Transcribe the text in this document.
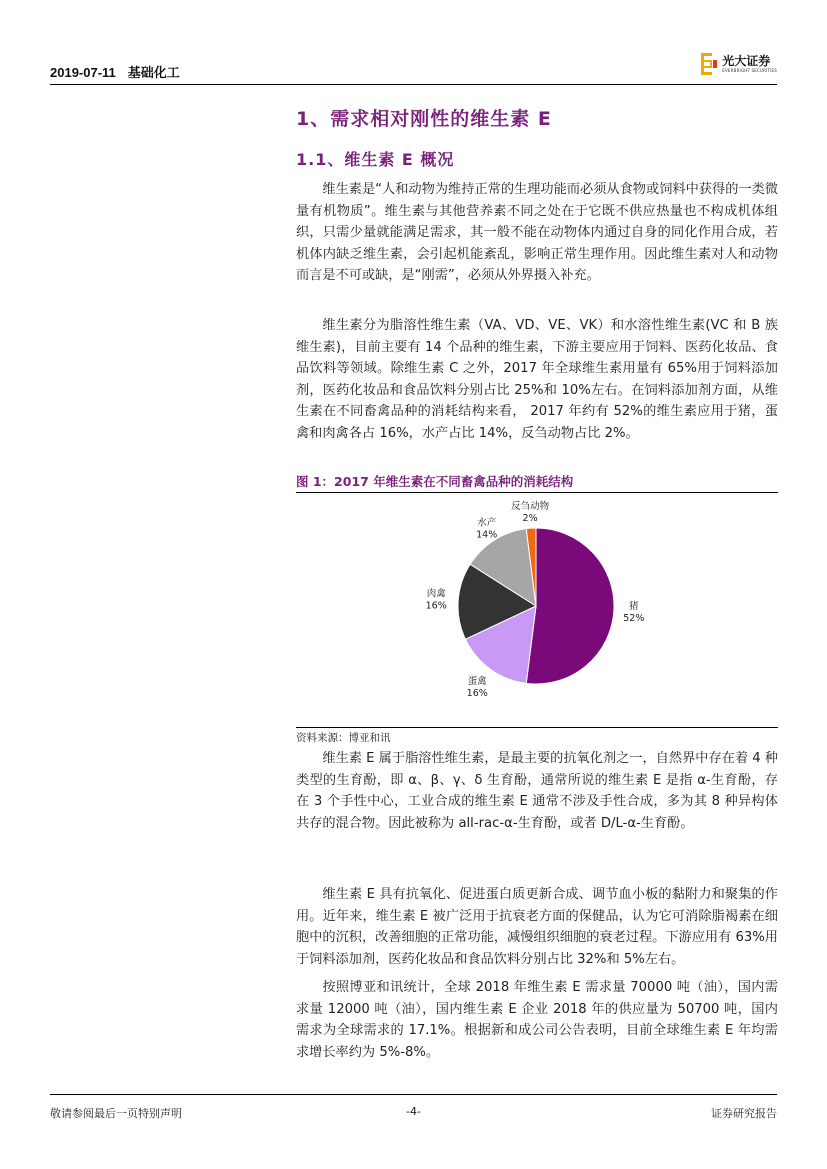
2019-07-11 基础化工
光大证券
EVERBRIGHT SECURITIES
1、需求相对刚性的维生素 E
1.1、维生素 E 概况

维生素是“人和动物为维持正常的生理功能而必须从食物或饲料中获得的一类微量有机物质”。维生素与其他营养素不同之处在于它既不供应热量也不构成机体组织，只需少量就能满足需求，其一般不能在动物体内通过自身的同化作用合成，若机体内缺乏维生素，会引起机能紊乱，影响正常生理作用。因此维生素对人和动物而言是不可或缺，是“刚需”，必须从外界摄入补充。

维生素分为脂溶性维生素（VA、VD、VE、VK）和水溶性维生素(VC 和 B 族维生素)，目前主要有 14 个品种的维生素，下游主要应用于饲料、医药化妆品、食品饮料等领域。除维生素 C 之外，2017 年全球维生素用量有 65%用于饲料添加剂，医药化妆品和食品饮料分别占比 25%和 10%左右。在饲料添加剂方面，从维生素在不同畜禽品种的消耗结构来看， 2017 年约有 52%的维生素应用于猪，蛋禽和肉禽各占 16%，水产占比 14%，反刍动物占比 2%。

图 1：2017 年维生素在不同畜禽品种的消耗结构
猪
52%
蛋禽
16%
肉禽
16%
水产
14%
反刍动物
2%
资料来源：博亚和讯

维生素 E 属于脂溶性维生素，是最主要的抗氧化剂之一，自然界中存在着 4 种类型的生育酚，即 α、β、γ、δ 生育酚，通常所说的维生素 E 是指 α-生育酚，存在 3 个手性中心，工业合成的维生素 E 通常不涉及手性合成，多为其 8 种异构体共存的混合物。因此被称为 all-rac-α-生育酚，或者 D/L-α-生育酚。

维生素 E 具有抗氧化、促进蛋白质更新合成、调节血小板的黏附力和聚集的作用。近年来，维生素 E 被广泛用于抗衰老方面的保健品，认为它可消除脂褐素在细胞中的沉积，改善细胞的正常功能，减慢组织细胞的衰老过程。下游应用有 63%用于饲料添加剂，医药化妆品和食品饮料分别占比 32%和 5%左右。

按照博亚和讯统计，全球 2018 年维生素 E 需求量 70000 吨（油），国内需求量 12000 吨（油），国内维生素 E 企业 2018 年的供应量为 50700 吨，国内需求为全球需求的 17.1%。根据新和成公司公告表明，目前全球维生素 E 年均需求增长率约为 5%-8%。

敬请参阅最后一页特别声明	-4-	证券研究报告
